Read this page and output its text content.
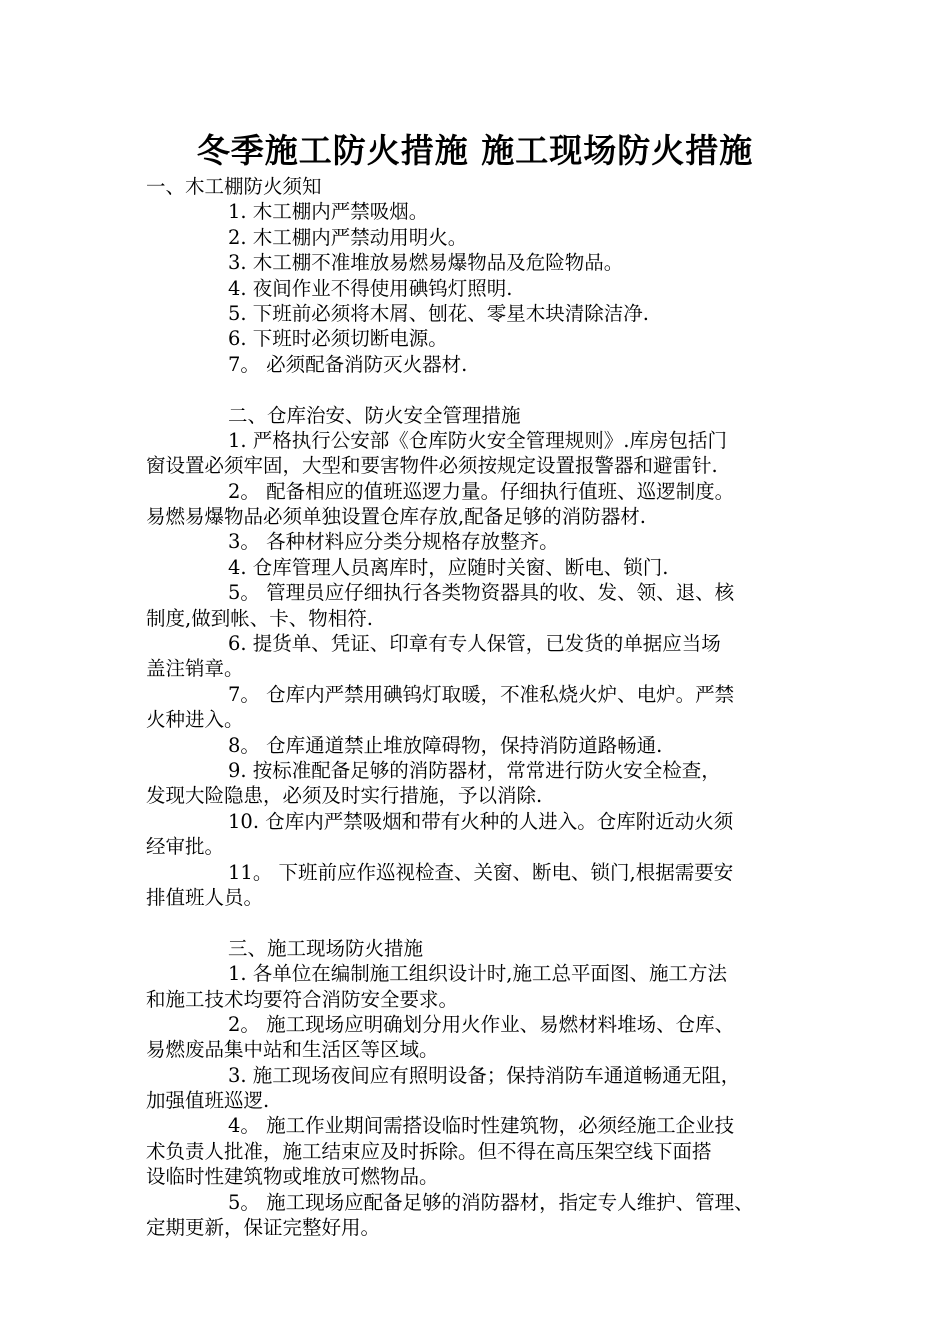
冬季施工防火措施 施工现场防火措施
一、木工棚防火须知
1. 木工棚内严禁吸烟。
2. 木工棚内严禁动用明火。
3. 木工棚不准堆放易燃易爆物品及危险物品。
4. 夜间作业不得使用碘钨灯照明.
5. 下班前必须将木屑、刨花、零星木块清除洁净.
6. 下班时必须切断电源。
7。 必须配备消防灭火器材.
二、仓库治安、防火安全管理措施
1. 严格执行公安部《仓库防火安全管理规则》.库房包括门
窗设置必须牢固，大型和要害物件必须按规定设置报警器和避雷针.
2。 配备相应的值班巡逻力量。仔细执行值班、巡逻制度。
易燃易爆物品必须单独设置仓库存放,配备足够的消防器材.
3。 各种材料应分类分规格存放整齐。
4. 仓库管理人员离库时，应随时关窗、断电、锁门.
5。 管理员应仔细执行各类物资器具的收、发、领、退、核
制度,做到帐、卡、物相符.
6. 提货单、凭证、印章有专人保管，已发货的单据应当场
盖注销章。
7。 仓库内严禁用碘钨灯取暖，不准私烧火炉、电炉。严禁
火种进入。
8。 仓库通道禁止堆放障碍物，保持消防道路畅通.
9. 按标准配备足够的消防器材，常常进行防火安全检查，
发现大险隐患，必须及时实行措施，予以消除.
10. 仓库内严禁吸烟和带有火种的人进入。仓库附近动火须
经审批。
11。 下班前应作巡视检查、关窗、断电、锁门,根据需要安
排值班人员。
三、施工现场防火措施
1. 各单位在编制施工组织设计时,施工总平面图、施工方法
和施工技术均要符合消防安全要求。
2。 施工现场应明确划分用火作业、易燃材料堆场、仓库、
易燃废品集中站和生活区等区域。
3. 施工现场夜间应有照明设备；保持消防车通道畅通无阻，
加强值班巡逻.
4。 施工作业期间需搭设临时性建筑物，必须经施工企业技
术负责人批准，施工结束应及时拆除。但不得在高压架空线下面搭
设临时性建筑物或堆放可燃物品。
5。 施工现场应配备足够的消防器材，指定专人维护、管理、
定期更新，保证完整好用。
